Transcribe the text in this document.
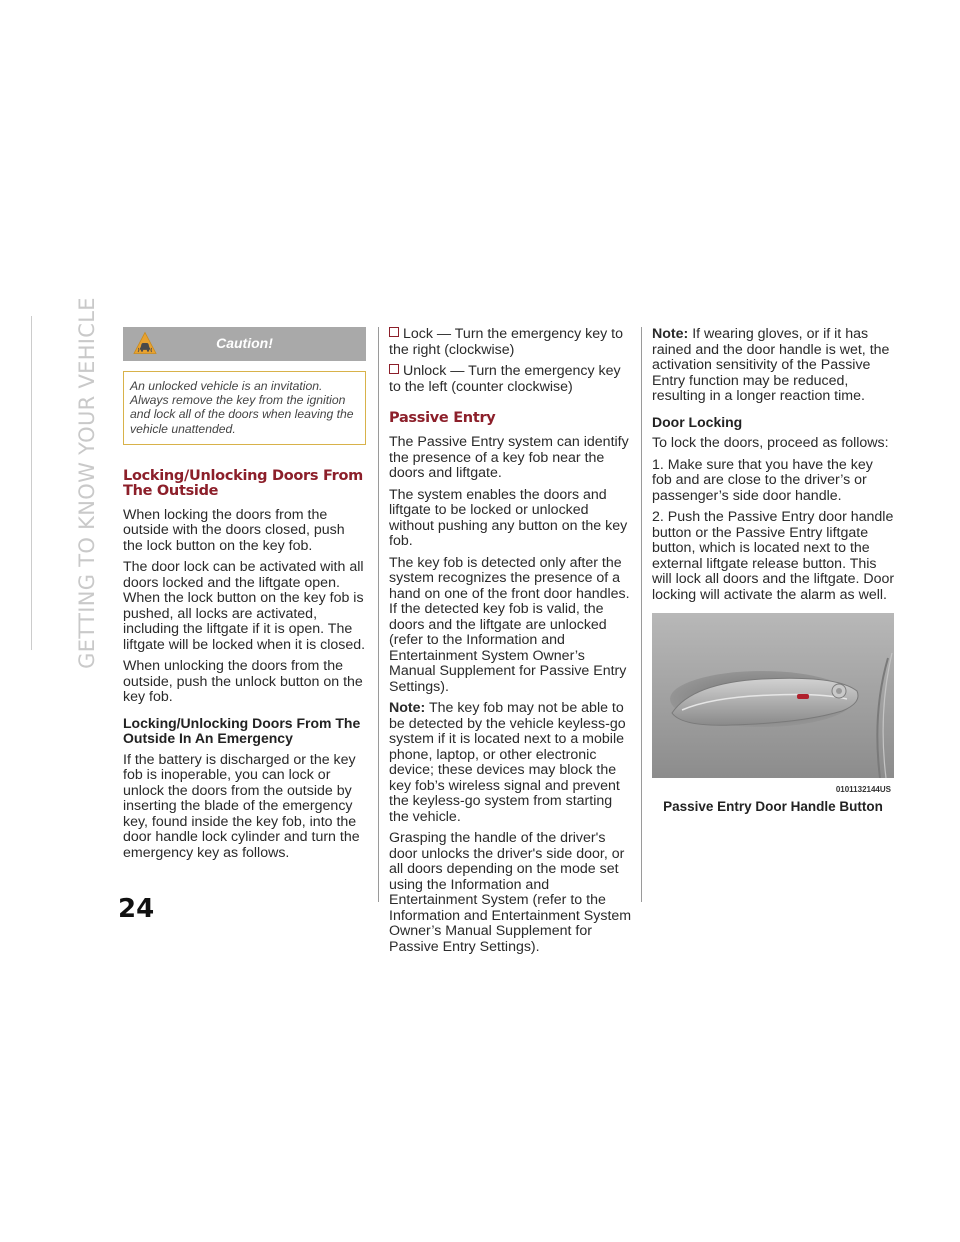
GETTING TO KNOW YOUR VEHICLE
24
Caution!
An unlocked vehicle is an invitation. Always remove the key from the ignition and lock all of the doors when leaving the vehicle unattended.
Locking/Unlocking Doors From The Outside

When locking the doors from the outside with the doors closed, push the lock button on the key fob.

The door lock can be activated with all doors locked and the liftgate open. When the lock button on the key fob is pushed, all locks are activated, including the liftgate if it is open. The liftgate will be locked when it is closed.

When unlocking the doors from the outside, push the unlock button on the key fob.

Locking/Unlocking Doors From The Outside In An Emergency

If the battery is discharged or the key fob is inoperable, you can lock or unlock the doors from the outside by inserting the blade of the emergency key, found inside the key fob, into the door handle lock cylinder and turn the emergency key as follows.

Lock — Turn the emergency key to the right (clockwise)

Unlock — Turn the emergency key to the left (counter clockwise)

Passive Entry

The Passive Entry system can identify the presence of a key fob near the doors and liftgate.

The system enables the doors and liftgate to be locked or unlocked without pushing any button on the key fob.

The key fob is detected only after the system recognizes the presence of a hand on one of the front door handles. If the detected key fob is valid, the doors and the liftgate are unlocked (refer to the Information and Entertainment System Owner’s Manual Supplement for Passive Entry Settings).

Note: The key fob may not be able to be detected by the vehicle keyless-go system if it is located next to a mobile phone, laptop, or other electronic device; these devices may block the key fob’s wireless signal and prevent the keyless-go system from starting the vehicle.

Grasping the handle of the driver's door unlocks the driver's side door, or all doors depending on the mode set using the Information and Entertainment System (refer to the Information and Entertainment System Owner’s Manual Supplement for Passive Entry Settings).

Note: If wearing gloves, or if it has rained and the door handle is wet, the activation sensitivity of the Passive Entry function may be reduced, resulting in a longer reaction time.

Door Locking

To lock the doors, proceed as follows:

1. Make sure that you have the key fob and are close to the driver’s or passenger’s side door handle.

2. Push the Passive Entry door handle button or the Passive Entry liftgate button, which is located next to the external liftgate release button. This will lock all doors and the liftgate. Door locking will activate the alarm as well.

0101132144US
Passive Entry Door Handle Button
